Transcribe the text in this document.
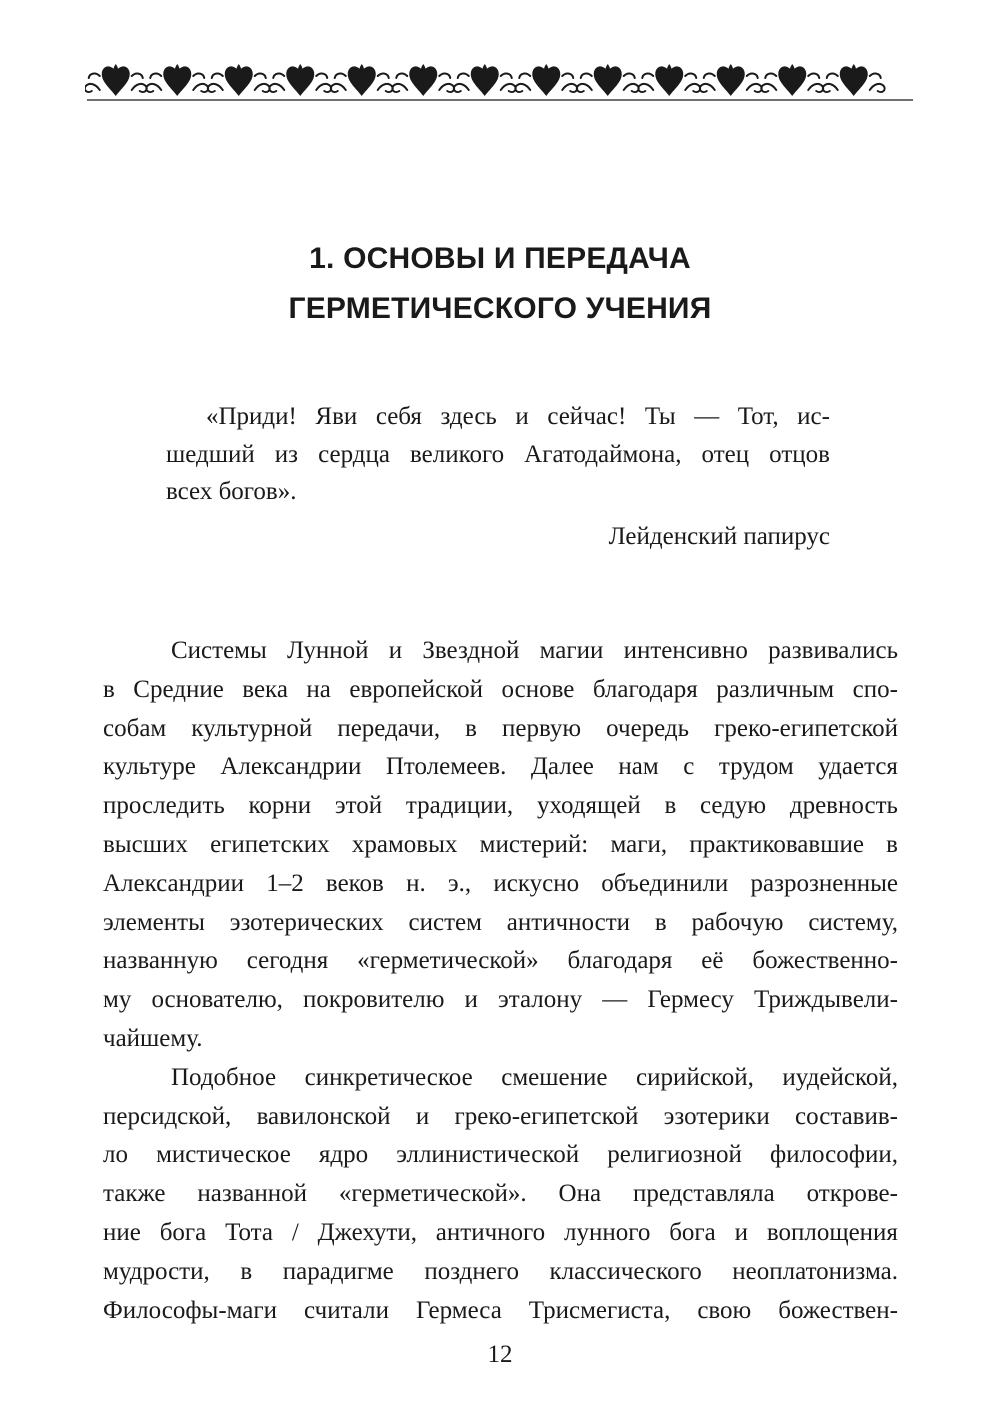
1. ОСНОВЫ И ПЕРЕДАЧА
ГЕРМЕТИЧЕСКОГО УЧЕНИЯ
«Приди! Яви себя здесь и сейчас! Ты — Тот, ис-
шедший из сердца великого Агатодаймона, отец отцов
всех богов».
Лейденский папирус
Системы Лунной и Звездной магии интенсивно развивались
в Средние века на европейской основе благодаря различным спо-
собам культурной передачи, в первую очередь греко-египетской
культуре Александрии Птолемеев. Далее нам с трудом удается
проследить корни этой традиции, уходящей в седую древность
высших египетских храмовых мистерий: маги, практиковавшие в
Александрии 1–2 веков н. э., искусно объединили разрозненные
элементы эзотерических систем античности в рабочую систему,
названную сегодня «герметической» благодаря её божественно-
му основателю, покровителю и эталону — Гермесу Триждывели-
чайшему.
Подобное синкретическое смешение сирийской, иудейской,
персидской, вавилонской и греко-египетской эзотерики составив-
ло мистическое ядро эллинистической религиозной философии,
также названной «герметической». Она представляла открове-
ние бога Тота / Джехути, античного лунного бога и воплощения
мудрости, в парадигме позднего классического неоплатонизма.
Философы-маги считали Гермеса Трисмегиста, свою божествен-
12
